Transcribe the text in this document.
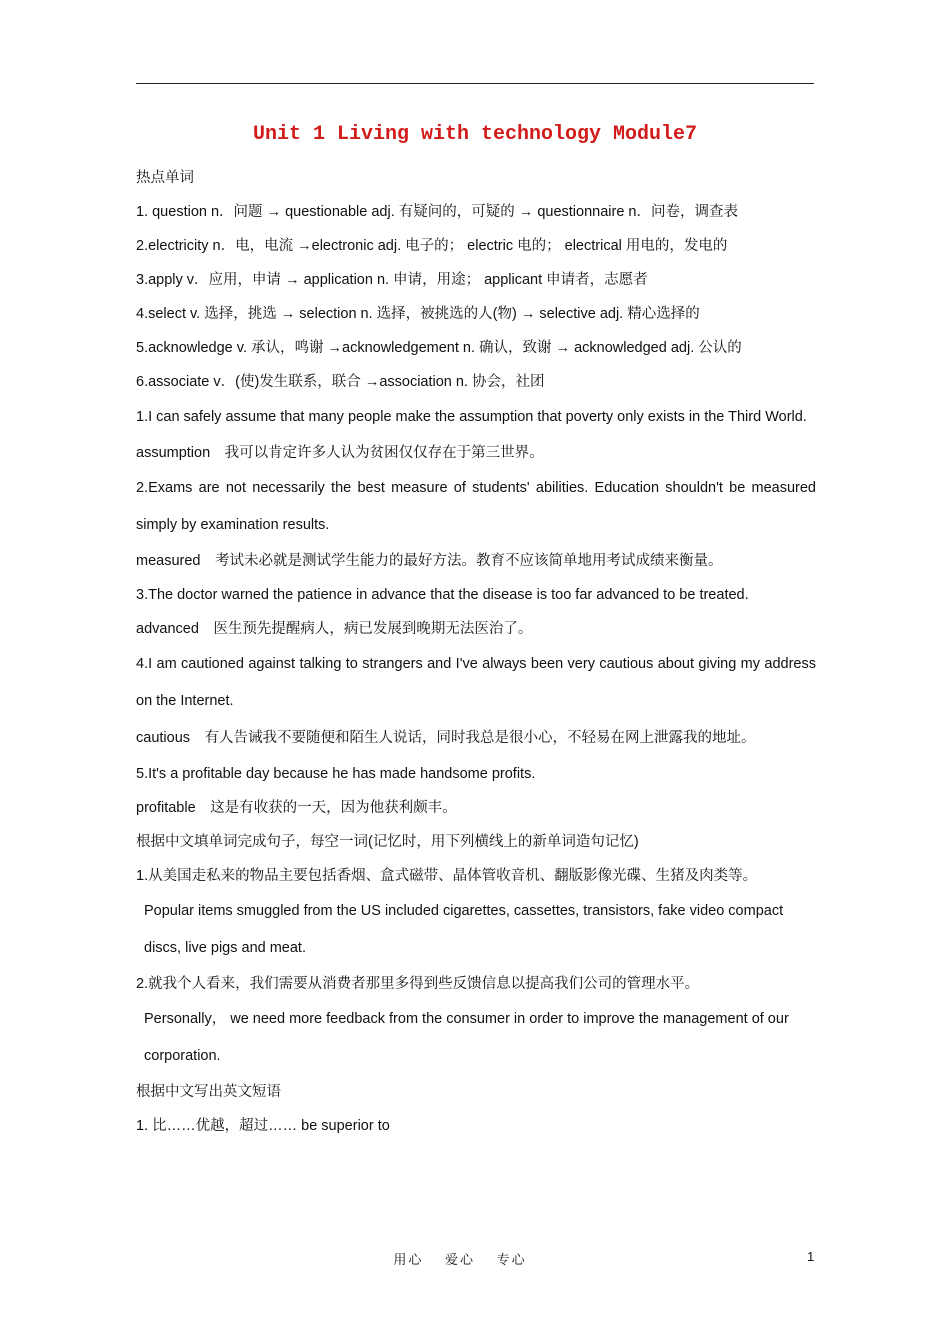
Unit 1 Living with technology Module7
热点单词
1. question n．问题 → questionable adj. 有疑问的，可疑的 → questionnaire n．问卷，调查表
2.electricity n．电，电流 →electronic adj. 电子的； electric 电的； electrical 用电的，发电的
3.apply v．应用，申请 → application n. 申请，用途； applicant 申请者，志愿者
4.select v. 选择，挑选 → selection n. 选择，被挑选的人(物) → selective adj. 精心选择的
5.acknowledge v. 承认，鸣谢 →acknowledgement n. 确认，致谢 → acknowledged adj. 公认的
6.associate v．(使)发生联系，联合 →association n. 协会，社团
1.I can safely assume that many people make the assumption that poverty only exists in the Third World.
assumption　我可以肯定许多人认为贫困仅仅存在于第三世界。
2.Exams are not necessarily the best measure of students' abilities. Education shouldn't be measured simply by examination results.
measured　考试未必就是测试学生能力的最好方法。教育不应该简单地用考试成绩来衡量。
3.The doctor warned the patience in advance that the disease is too far advanced to be treated.
advanced　医生预先提醒病人，病已发展到晚期无法医治了。
4.I am cautioned against talking to strangers and I've always been very cautious about giving my address on the Internet.
cautious　有人告诫我不要随便和陌生人说话，同时我总是很小心，不轻易在网上泄露我的地址。
5.It's a profitable day because he has made handsome profits.
profitable　这是有收获的一天，因为他获利颇丰。
根据中文填单词完成句子，每空一词(记忆时，用下列横线上的新单词造句记忆)
1.从美国走私来的物品主要包括香烟、盒式磁带、晶体管收音机、翻版影像光碟、生猪及肉类等。
Popular items smuggled from the US included cigarettes, cassettes, transistors, fake video compact discs, live pigs and meat.
2.就我个人看来，我们需要从消费者那里多得到些反馈信息以提高我们公司的管理水平。
Personally， we need more feedback from the consumer in order to improve the management of our corporation.
根据中文写出英文短语
1. 比……优越，超过…… be superior to
用心 爱心 专心	1
